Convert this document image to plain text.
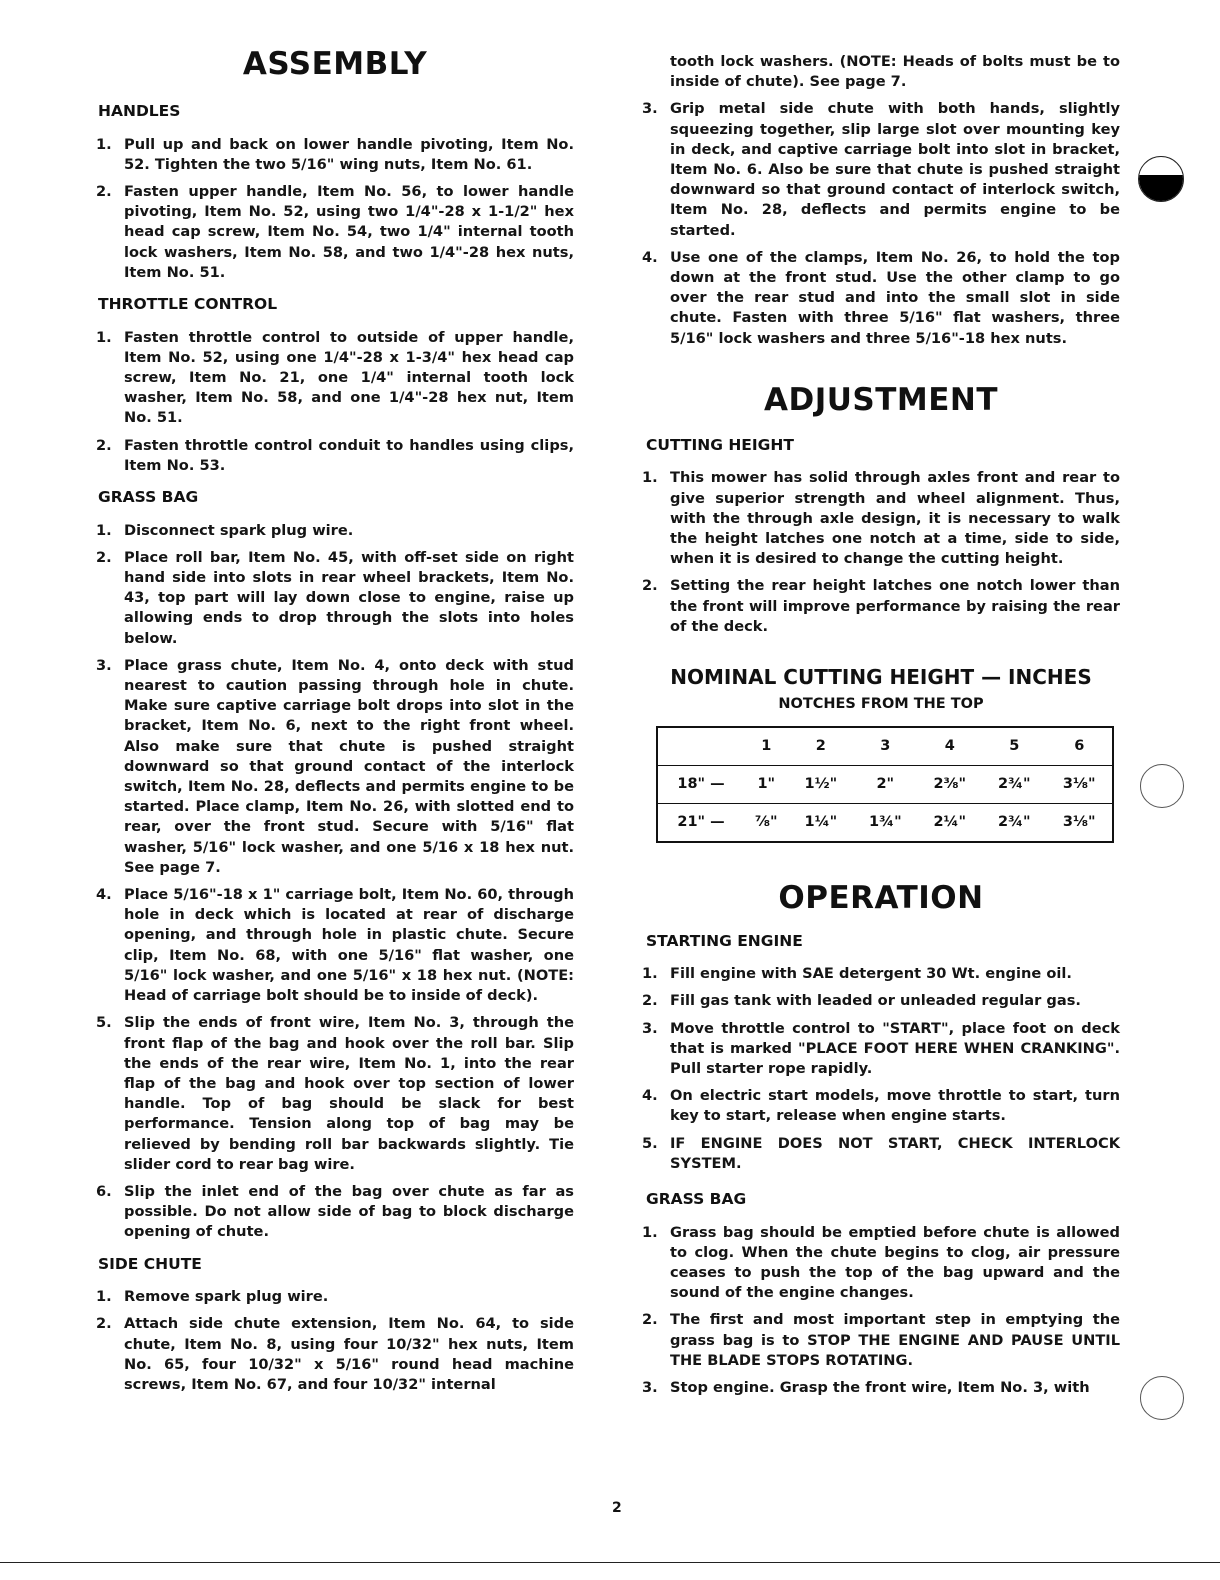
ASSEMBLY
HANDLES
1. Pull up and back on lower handle pivoting, Item No. 52. Tighten the two 5/16" wing nuts, Item No. 61.
2. Fasten upper handle, Item No. 56, to lower handle pivoting, Item No. 52, using two 1/4"-28 x 1-1/2" hex head cap screw, Item No. 54, two 1/4" internal tooth lock washers, Item No. 58, and two 1/4"-28 hex nuts, Item No. 51.
THROTTLE CONTROL
1. Fasten throttle control to outside of upper handle, Item No. 52, using one 1/4"-28 x 1-3/4" hex head cap screw, Item No. 21, one 1/4" internal tooth lock washer, Item No. 58, and one 1/4"-28 hex nut, Item No. 51.
2. Fasten throttle control conduit to handles using clips, Item No. 53.
GRASS BAG
1. Disconnect spark plug wire.
2. Place roll bar, Item No. 45, with off-set side on right hand side into slots in rear wheel brackets, Item No. 43, top part will lay down close to engine, raise up allowing ends to drop through the slots into holes below.
3. Place grass chute, Item No. 4, onto deck with stud nearest to caution passing through hole in chute. Make sure captive carriage bolt drops into slot in the bracket, Item No. 6, next to the right front wheel. Also make sure that chute is pushed straight downward so that ground contact of the interlock switch, Item No. 28, deflects and permits engine to be started. Place clamp, Item No. 26, with slotted end to rear, over the front stud. Secure with 5/16" flat washer, 5/16" lock washer, and one 5/16 x 18 hex nut. See page 7.
4. Place 5/16"-18 x 1" carriage bolt, Item No. 60, through hole in deck which is located at rear of discharge opening, and through hole in plastic chute. Secure clip, Item No. 68, with one 5/16" flat washer, one 5/16" lock washer, and one 5/16" x 18 hex nut. (NOTE: Head of carriage bolt should be to inside of deck).
5. Slip the ends of front wire, Item No. 3, through the front flap of the bag and hook over the roll bar. Slip the ends of the rear wire, Item No. 1, into the rear flap of the bag and hook over top section of lower handle. Top of bag should be slack for best performance. Tension along top of bag may be relieved by bending roll bar backwards slightly. Tie slider cord to rear bag wire.
6. Slip the inlet end of the bag over chute as far as possible. Do not allow side of bag to block discharge opening of chute.
SIDE CHUTE
1. Remove spark plug wire.
2. Attach side chute extension, Item No. 64, to side chute, Item No. 8, using four 10/32" hex nuts, Item No. 65, four 10/32" x 5/16" round head machine screws, Item No. 67, and four 10/32" internal
tooth lock washers. (NOTE: Heads of bolts must be to inside of chute). See page 7.
3. Grip metal side chute with both hands, slightly squeezing together, slip large slot over mounting key in deck, and captive carriage bolt into slot in bracket, Item No. 6. Also be sure that chute is pushed straight downward so that ground contact of interlock switch, Item No. 28, deflects and permits engine to be started.
4. Use one of the clamps, Item No. 26, to hold the top down at the front stud. Use the other clamp to go over the rear stud and into the small slot in side chute. Fasten with three 5/16" flat washers, three 5/16" lock washers and three 5/16"-18 hex nuts.
ADJUSTMENT
CUTTING HEIGHT
1. This mower has solid through axles front and rear to give superior strength and wheel alignment. Thus, with the through axle design, it is necessary to walk the height latches one notch at a time, side to side, when it is desired to change the cutting height.
2. Setting the rear height latches one notch lower than the front will improve performance by raising the rear of the deck.
NOMINAL CUTTING HEIGHT — INCHES
NOTCHES FROM THE TOP
	1	2	3	4	5	6
18" —	1"	1½"	2"	2⅜"	2¾"	3⅛"
21" —	⅞"	1¼"	1¾"	2¼"	2¾"	3⅛"
OPERATION
STARTING ENGINE
1. Fill engine with SAE detergent 30 Wt. engine oil.
2. Fill gas tank with leaded or unleaded regular gas.
3. Move throttle control to "START", place foot on deck that is marked "PLACE FOOT HERE WHEN CRANKING". Pull starter rope rapidly.
4. On electric start models, move throttle to start, turn key to start, release when engine starts.
5. IF ENGINE DOES NOT START, CHECK INTERLOCK SYSTEM.
GRASS BAG
1. Grass bag should be emptied before chute is allowed to clog. When the chute begins to clog, air pressure ceases to push the top of the bag upward and the sound of the engine changes.
2. The first and most important step in emptying the grass bag is to STOP THE ENGINE AND PAUSE UNTIL THE BLADE STOPS ROTATING.
3. Stop engine. Grasp the front wire, Item No. 3, with
2
